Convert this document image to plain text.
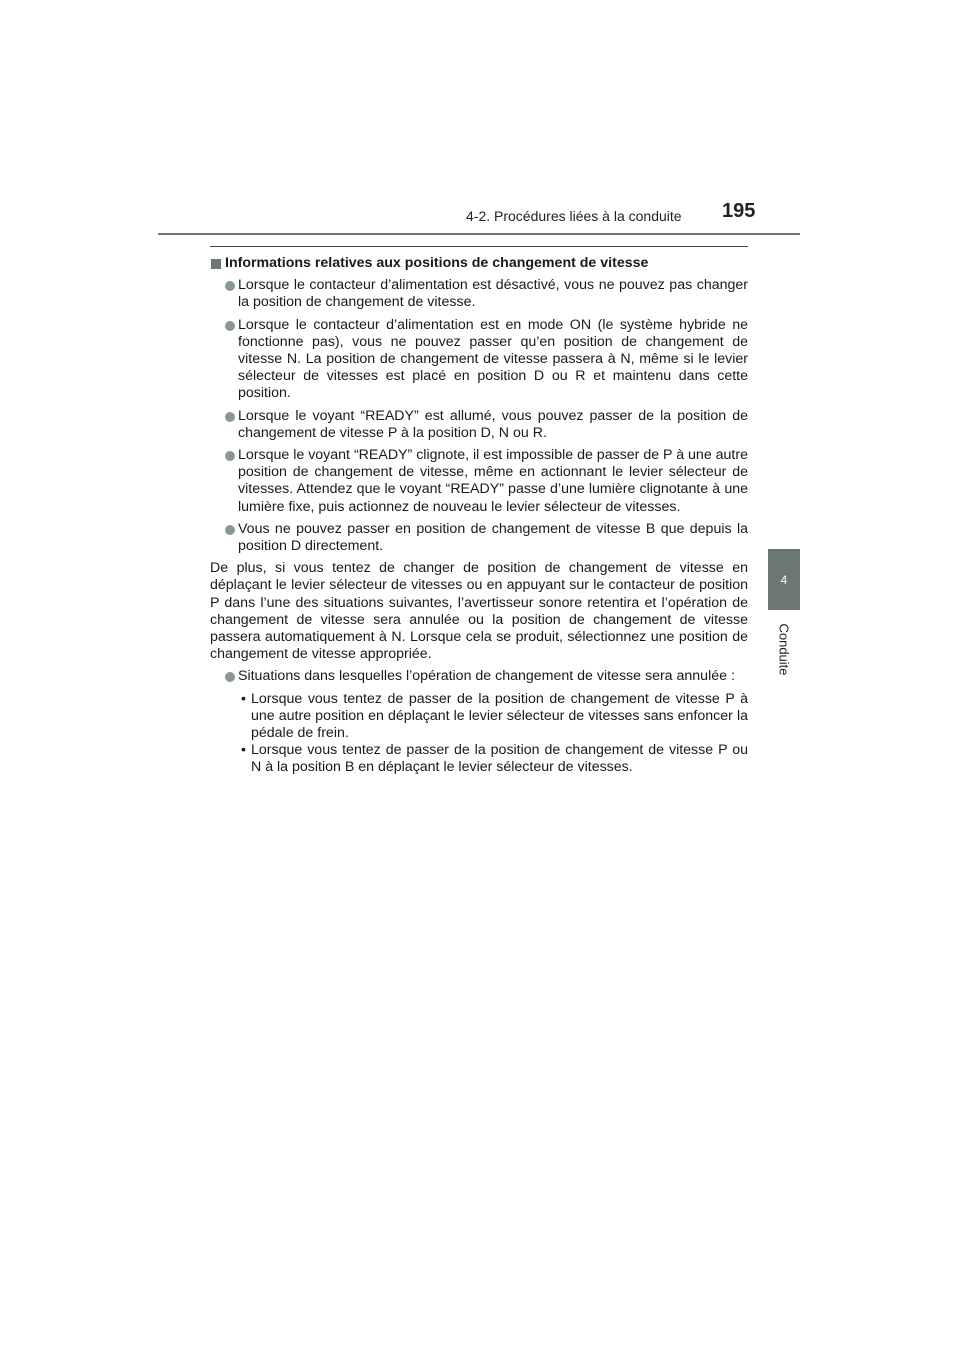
4-2. Procédures liées à la conduite 195
4
Conduite
Informations relatives aux positions de changement de vitesse
Lorsque le contacteur d’alimentation est désactivé, vous ne pouvez pas changer la position de changement de vitesse.
Lorsque le contacteur d’alimentation est en mode ON (le système hybride ne fonctionne pas), vous ne pouvez passer qu’en position de changement de vitesse N. La position de changement de vitesse passera à N, même si le levier sélecteur de vitesses est placé en position D ou R et maintenu dans cette position.
Lorsque le voyant “READY” est allumé, vous pouvez passer de la position de changement de vitesse P à la position D, N ou R.
Lorsque le voyant “READY” clignote, il est impossible de passer de P à une autre position de changement de vitesse, même en actionnant le levier sélecteur de vitesses. Attendez que le voyant “READY” passe d’une lumière clignotante à une lumière fixe, puis actionnez de nouveau le levier sélecteur de vitesses.
Vous ne pouvez passer en position de changement de vitesse B que depuis la position D directement.
De plus, si vous tentez de changer de position de changement de vitesse en déplaçant le levier sélecteur de vitesses ou en appuyant sur le contacteur de position P dans l’une des situations suivantes, l’avertisseur sonore retentira et l’opération de changement de vitesse sera annulée ou la position de changement de vitesse passera automatiquement à N. Lorsque cela se produit, sélectionnez une position de changement de vitesse appropriée.
Situations dans lesquelles l’opération de changement de vitesse sera annulée :
• Lorsque vous tentez de passer de la position de changement de vitesse P à une autre position en déplaçant le levier sélecteur de vitesses sans enfoncer la pédale de frein.
• Lorsque vous tentez de passer de la position de changement de vitesse P ou N à la position B en déplaçant le levier sélecteur de vitesses.
